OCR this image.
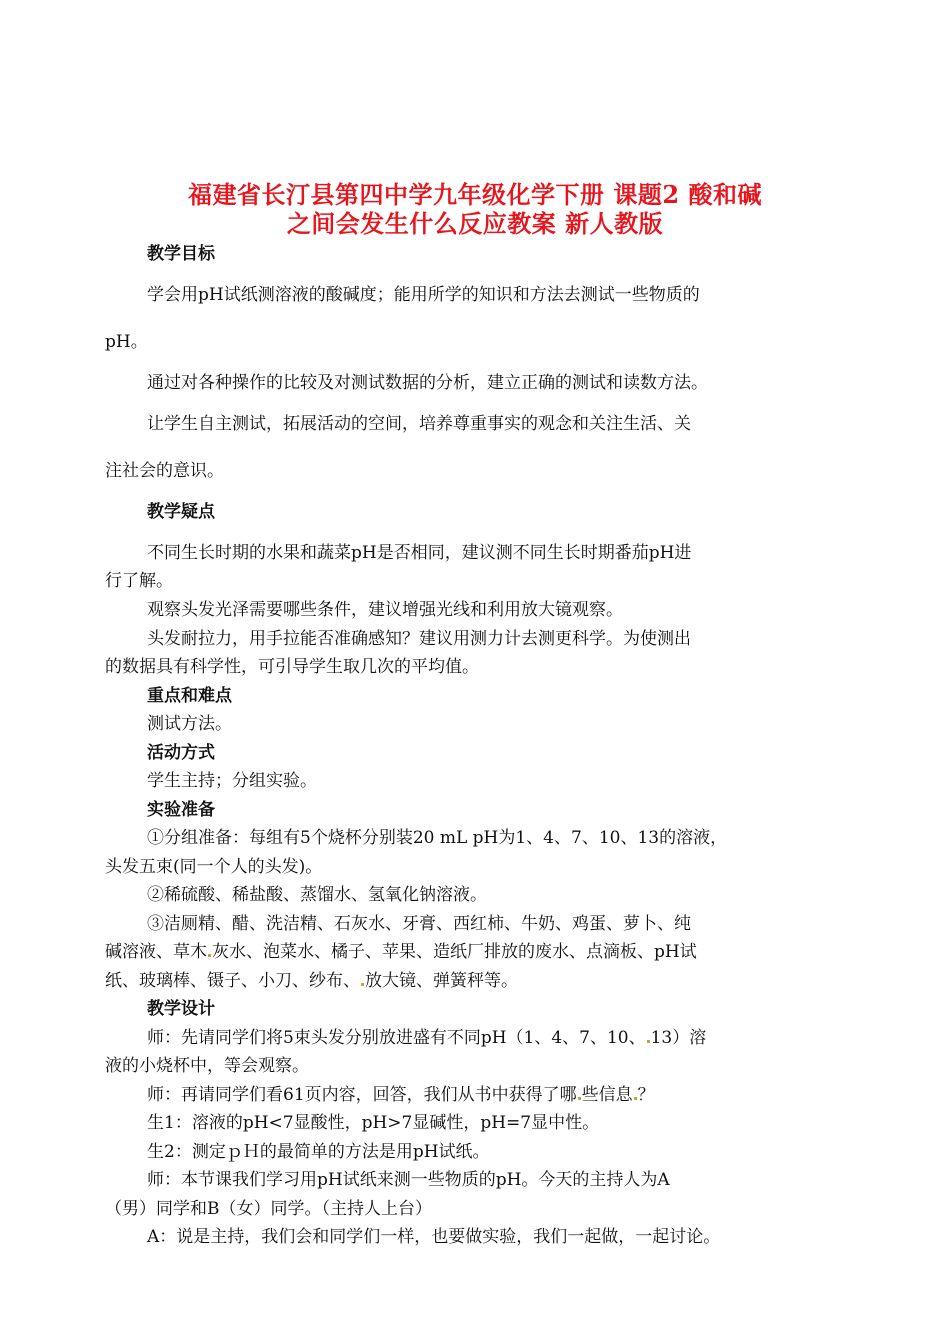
福建省长汀县第四中学九年级化学下册 课题2 酸和碱
之间会发生什么反应教案 新人教版
教学目标
学会用pH试纸测溶液的酸碱度；能用所学的知识和方法去测试一些物质的
pH。
通过对各种操作的比较及对测试数据的分析，建立正确的测试和读数方法。
让学生自主测试，拓展活动的空间，培养尊重事实的观念和关注生活、关
注社会的意识。
教学疑点
不同生长时期的水果和蔬菜pH是否相同，建议测不同生长时期番茄pH进
行了解。
观察头发光泽需要哪些条件，建议增强光线和利用放大镜观察。
头发耐拉力，用手拉能否准确感知？建议用测力计去测更科学。为使测出
的数据具有科学性，可引导学生取几次的平均值。
重点和难点
测试方法。
活动方式
学生主持；分组实验。
实验准备
①分组准备：每组有5个烧杯分别装20 mL pH为1、4、7、10、13的溶液，
头发五束(同一个人的头发)。
②稀硫酸、稀盐酸、蒸馏水、氢氧化钠溶液。
③洁厕精、醋、洗洁精、石灰水、牙膏、西红柿、牛奶、鸡蛋、萝卜、纯
碱溶液、草木 灰水、泡菜水、橘子、苹果、造纸厂排放的废水、点滴板、pH试
纸、玻璃棒、镊子、小刀、纱布、 放大镜、弹簧秤等。
教学设计
师：先请同学们将5束头发分别放进盛有不同pH（1、4、7、10、 13）溶
液的小烧杯中，等会观察。
师：再请同学们看61页内容，回答，我们从书中获得了哪 些信息 ？
生1：溶液的pH<7显酸性，pH>7显碱性，pH=7显中性。
生2：测定ｐＨ的最简单的方法是用pH试纸。
师：本节课我们学习用pH试纸来测一些物质的pH。今天的主持人为A
（男）同学和B（女）同学。（主持人上台）
A：说是主持，我们会和同学们一样，也要做实验，我们一起做，一起讨论。
